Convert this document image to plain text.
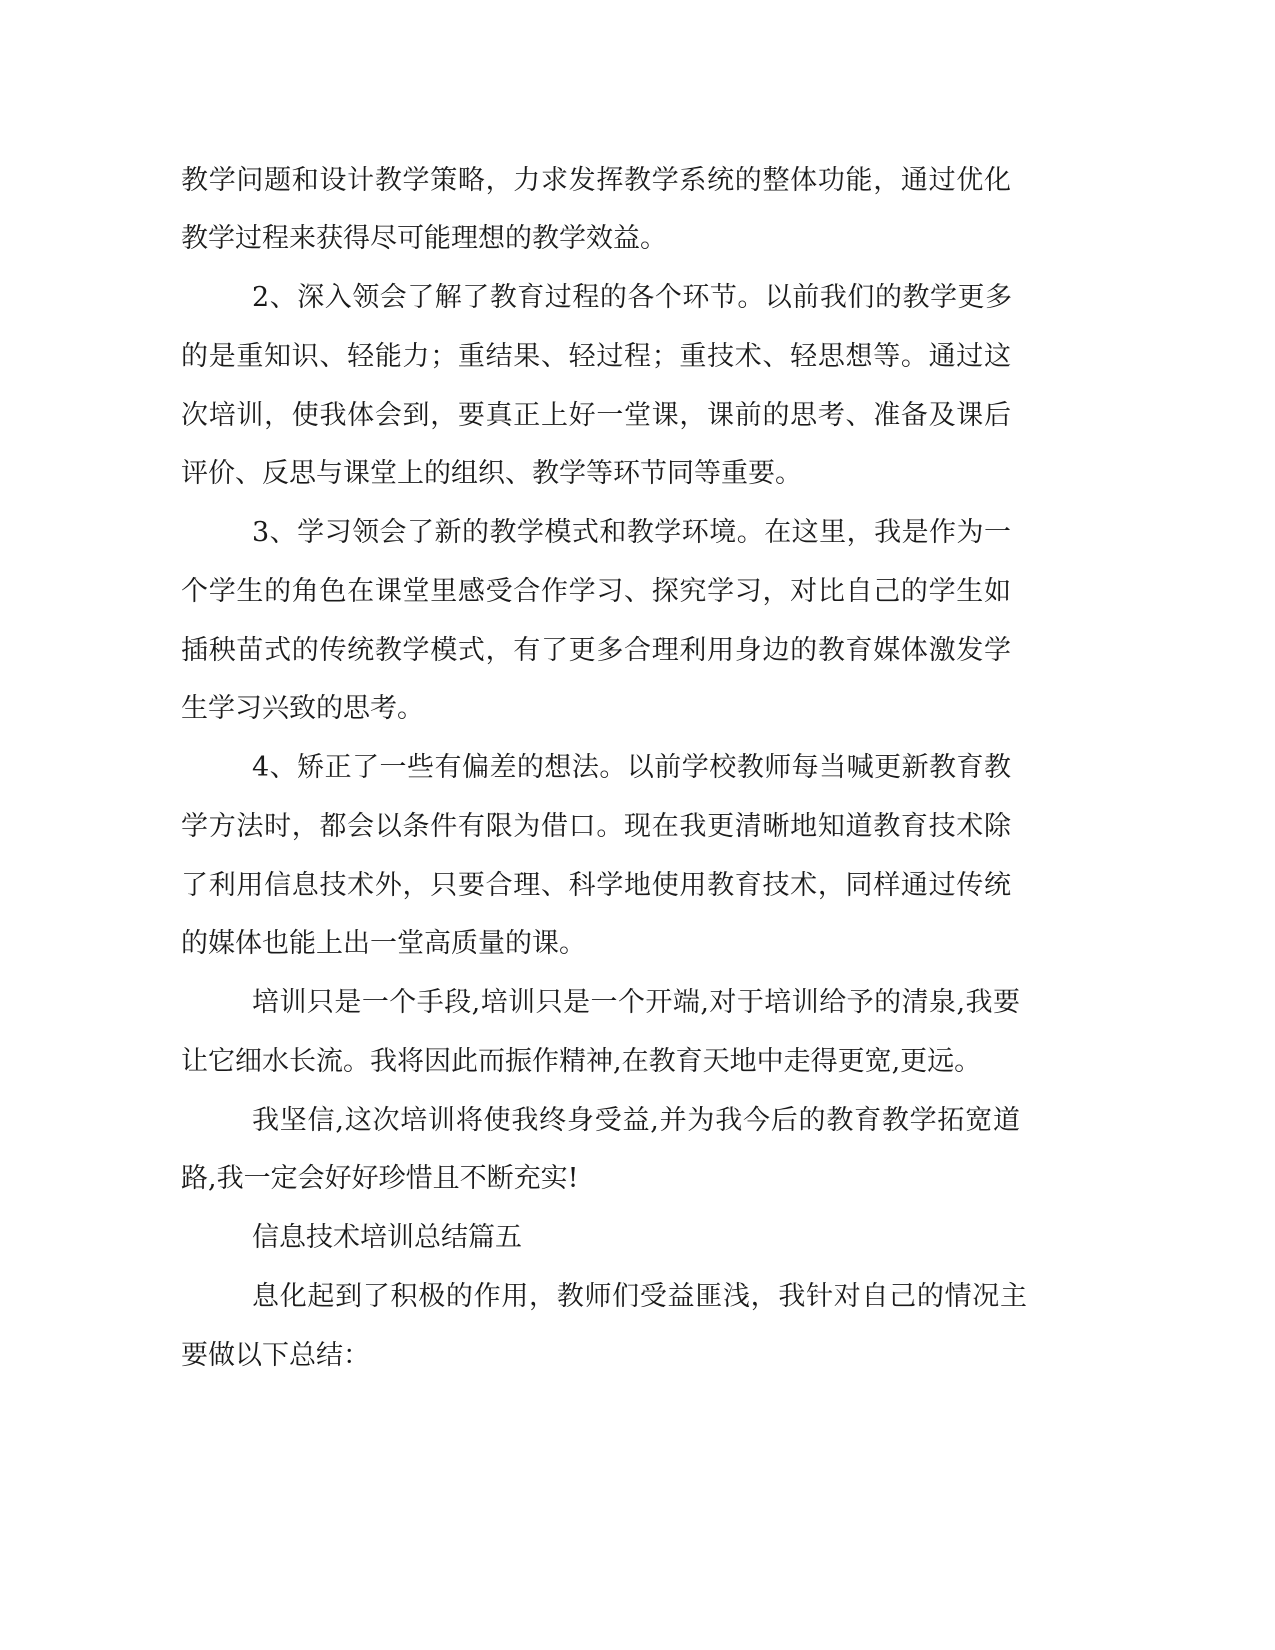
教学问题和设计教学策略，力求发挥教学系统的整体功能，通过优化

教学过程来获得尽可能理想的教学效益。

2、深入领会了解了教育过程的各个环节。以前我们的教学更多

的是重知识、轻能力；重结果、轻过程；重技术、轻思想等。通过这

次培训，使我体会到，要真正上好一堂课，课前的思考、准备及课后

评价、反思与课堂上的组织、教学等环节同等重要。

3、学习领会了新的教学模式和教学环境。在这里，我是作为一

个学生的角色在课堂里感受合作学习、探究学习，对比自己的学生如

插秧苗式的传统教学模式，有了更多合理利用身边的教育媒体激发学

生学习兴致的思考。

4、矫正了一些有偏差的想法。以前学校教师每当喊更新教育教

学方法时，都会以条件有限为借口。现在我更清晰地知道教育技术除

了利用信息技术外，只要合理、科学地使用教育技术，同样通过传统

的媒体也能上出一堂高质量的课。

培训只是一个手段,培训只是一个开端,对于培训给予的清泉,我要

让它细水长流。我将因此而振作精神,在教育天地中走得更宽,更远。

我坚信,这次培训将使我终身受益,并为我今后的教育教学拓宽道

路,我一定会好好珍惜且不断充实!

信息技术培训总结篇五

息化起到了积极的作用，教师们受益匪浅，我针对自己的情况主

要做以下总结：
